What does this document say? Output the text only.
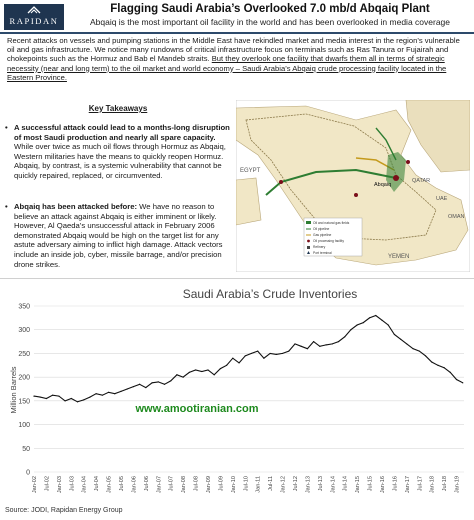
RAPIDAN
Flagging Saudi Arabia’s Overlooked 7.0 mb/d Abqaiq Plant
Abqaiq is the most important oil facility in the world and has been overlooked in media coverage
Recent attacks on vessels and pumping stations in the Middle East have rekindled market and media interest in the region’s vulnerable oil and gas infrastructure. We notice many rundowns of critical infrastructure focus on terminals such as Ras Tanura or Fujairah and chokepoints such as the Hormuz and Bab el Mandeb straits. But they overlook one facility that dwarfs them all in terms of strategic necessity (near and long term) to the oil market and world economy – Saudi Arabia’s Abqaiq crude processing facility located in the Eastern Province.
Key Takeaways
• A successful attack could lead to a months-long disruption of most Saudi production and nearly all spare capacity. While over twice as much oil flows through Hormuz as Abqaiq, Western militaries have the means to quickly reopen Hormuz. Abqaiq, by contrast, is a systemic vulnerability that cannot be quickly repaired, replaced, or circumvented.
• Abqaiq has been attacked before: We have no reason to believe an attack against Abqaiq is either imminent or likely. However, Al Qaeda’s unsuccessful attack in February 2006 demonstrated Abqaiq would be high on the target list for any astute adversary aiming to inflict high damage. Attack vectors include an inside job, cyber, missile barrage, and/or precision drone strikes.
EGYPT
QATAR
UAE
OMAN
YEMEN
Abqaiq
Oil and natural gas fields
Oil pipeline
Gas pipeline
Oil processing facility
Refinery
Port terminal
Saudi Arabia’s Crude Inventories
0
50
100
150
200
250
300
350
Jan-02 Jul-02 Jan-03 Jul-03 Jan-04 Jul-04 Jan-05 Jul-05 Jan-06 Jul-06 Jan-07 Jul-07 Jan-08 Jul-08 Jan-09 Jul-09 Jan-10 Jul-10 Jan-11 Jul-11 Jan-12 Jul-12 Jan-13 Jul-13 Jan-14 Jul-14 Jan-15 Jul-15 Jan-16 Jul-16 Jan-17 Jul-17 Jan-18 Jul-18 Jan-19
Million Barrels	www.amootiranian.com
Source: JODI, Rapidan Energy Group
